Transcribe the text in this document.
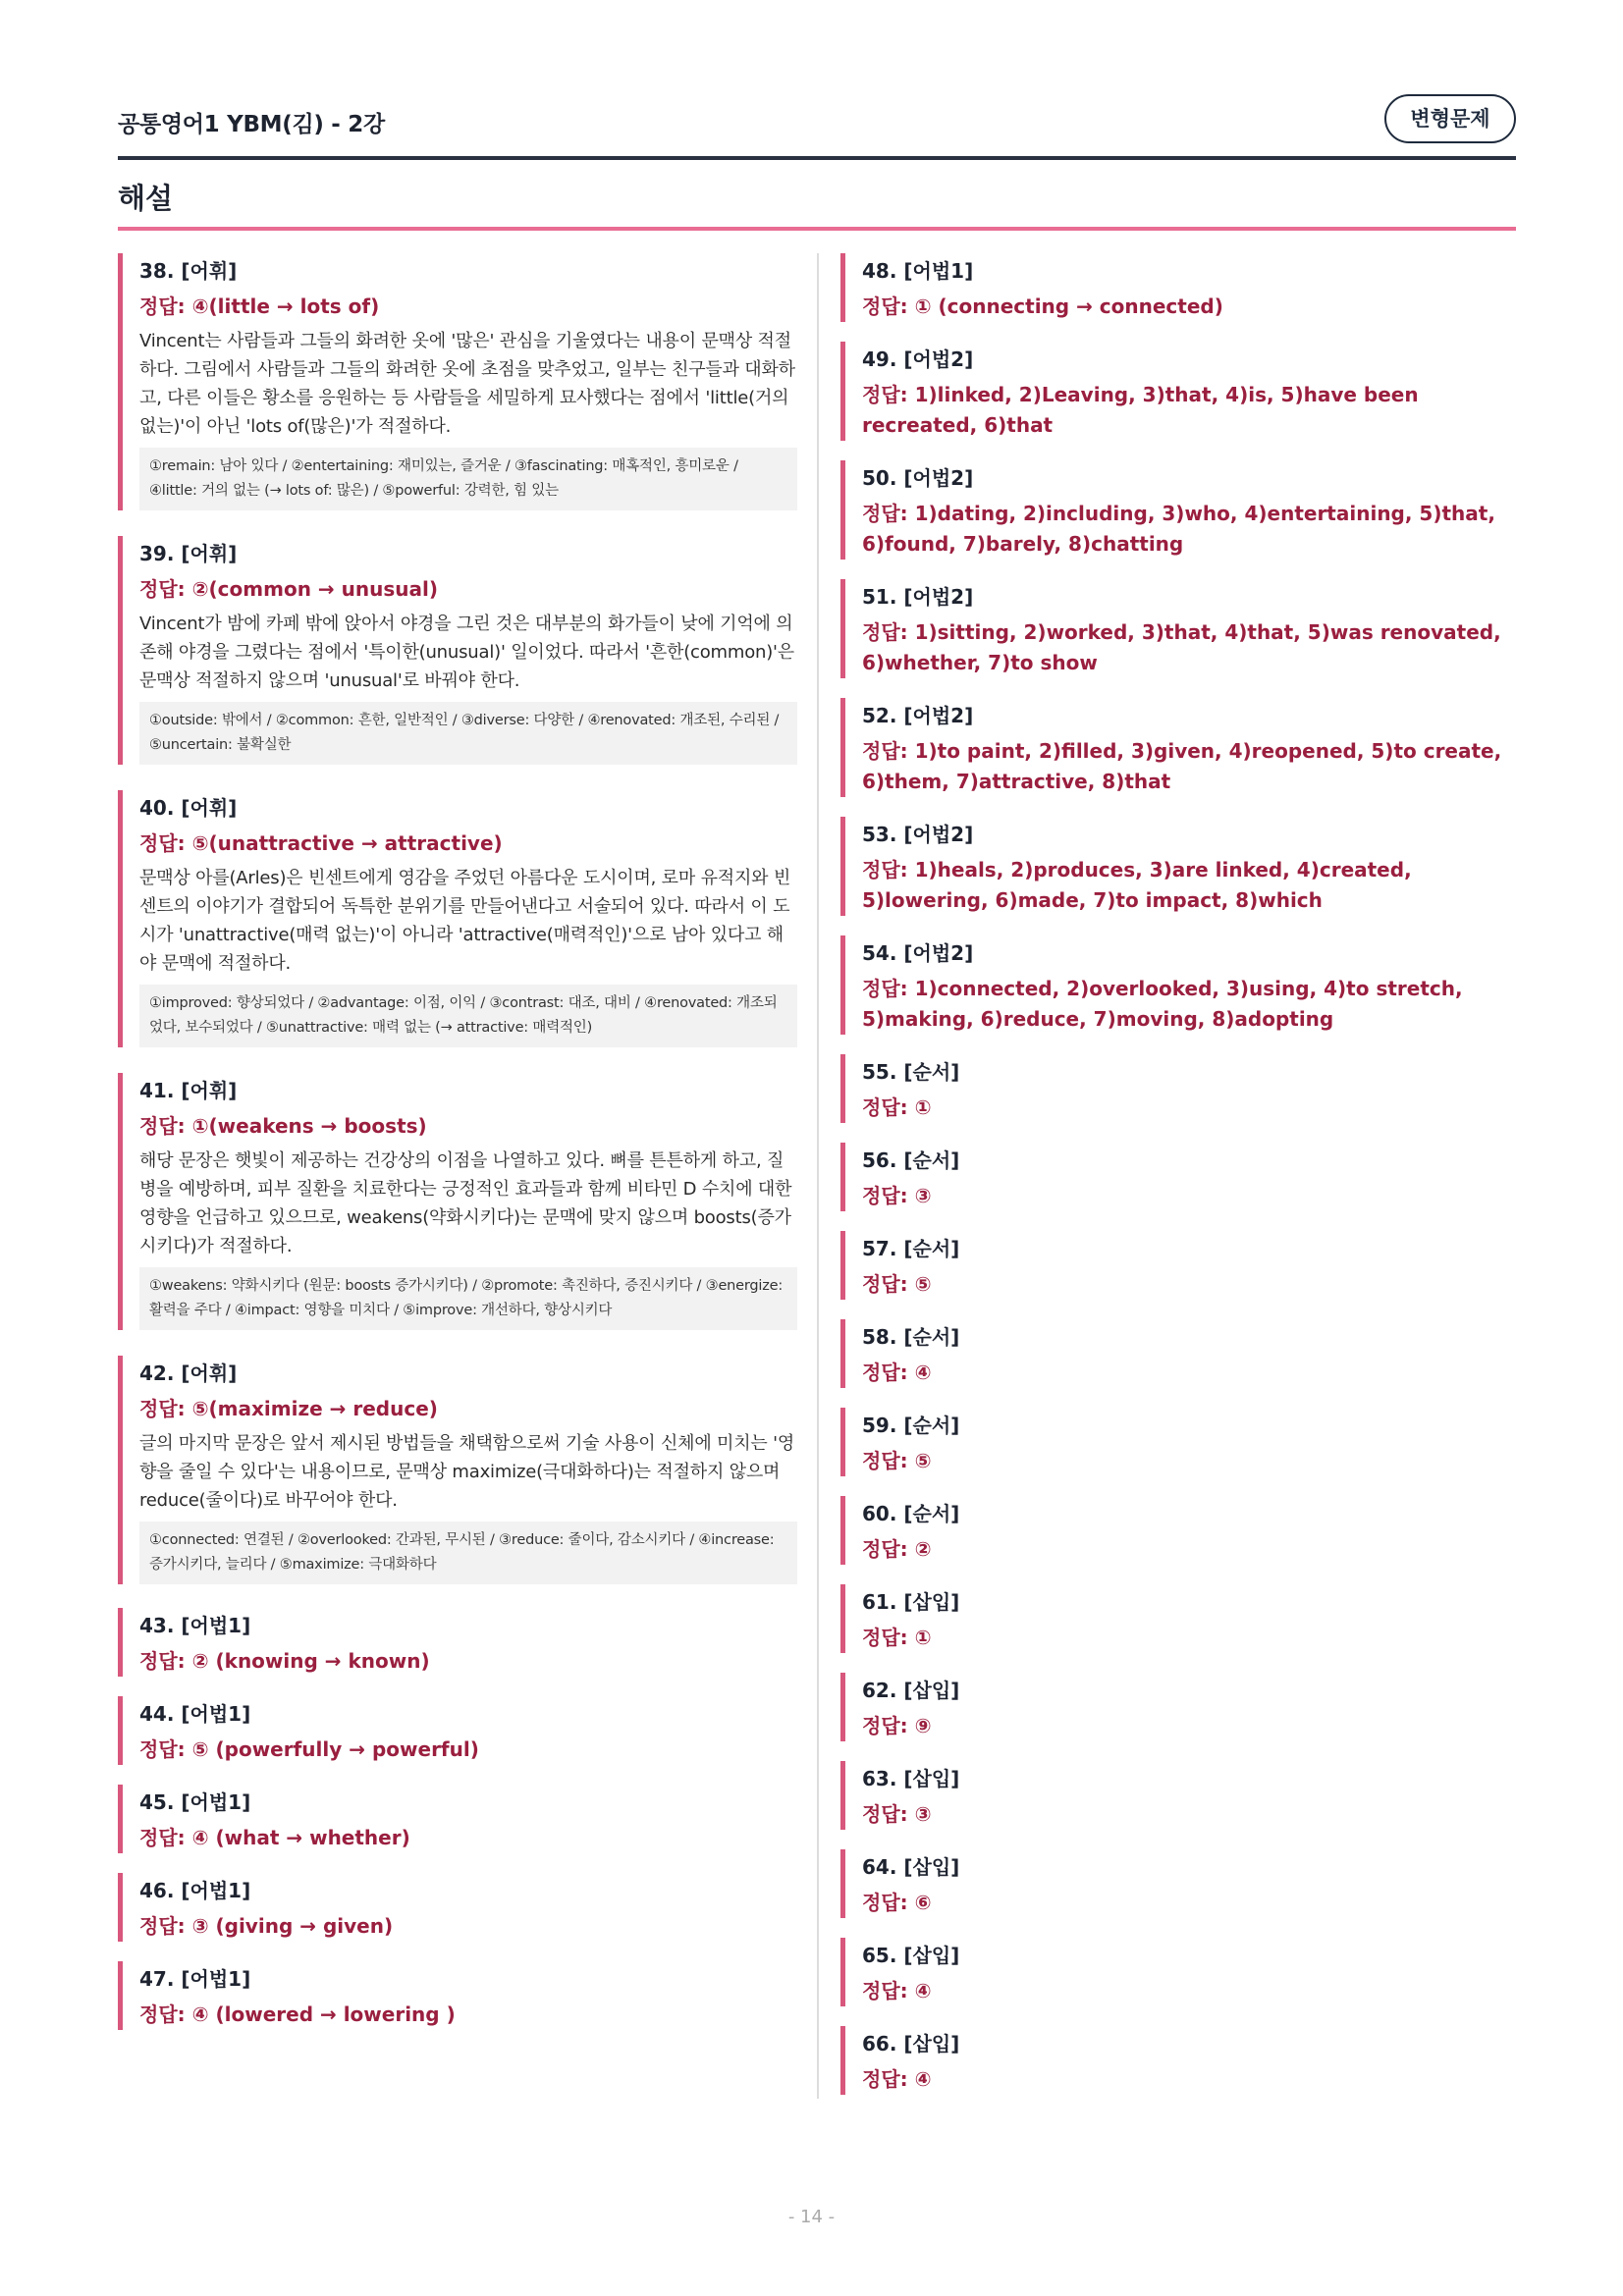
공통영어1 YBM(김) - 2강	변형문제
해설
38. [어휘]
정답: ④(little → lots of)
Vincent는 사람들과 그들의 화려한 옷에 '많은' 관심을 기울였다는 내용이 문맥상 적절하다. 그림에서 사람들과 그들의 화려한 옷에 초점을 맞추었고, 일부는 친구들과 대화하고, 다른 이들은 황소를 응원하는 등 사람들을 세밀하게 묘사했다는 점에서 'little(거의 없는)'이 아닌 'lots of(많은)'가 적절하다.
①remain: 남아 있다 / ②entertaining: 재미있는, 즐거운 / ③fascinating: 매혹적인, 흥미로운 / ④little: 거의 없는 (→ lots of: 많은) / ⑤powerful: 강력한, 힘 있는
39. [어휘]
정답: ②(common → unusual)
Vincent가 밤에 카페 밖에 앉아서 야경을 그린 것은 대부분의 화가들이 낮에 기억에 의존해 야경을 그렸다는 점에서 '특이한(unusual)' 일이었다. 따라서 '흔한(common)'은 문맥상 적절하지 않으며 'unusual'로 바꿔야 한다.
①outside: 밖에서 / ②common: 흔한, 일반적인 / ③diverse: 다양한 / ④renovated: 개조된, 수리된 / ⑤uncertain: 불확실한
40. [어휘]
정답: ⑤(unattractive → attractive)
문맥상 아를(Arles)은 빈센트에게 영감을 주었던 아름다운 도시이며, 로마 유적지와 빈센트의 이야기가 결합되어 독특한 분위기를 만들어낸다고 서술되어 있다. 따라서 이 도시가 'unattractive(매력 없는)'이 아니라 'attractive(매력적인)'으로 남아 있다고 해야 문맥에 적절하다.
①improved: 향상되었다 / ②advantage: 이점, 이익 / ③contrast: 대조, 대비 / ④renovated: 개조되었다, 보수되었다 / ⑤unattractive: 매력 없는 (→ attractive: 매력적인)
41. [어휘]
정답: ①(weakens → boosts)
해당 문장은 햇빛이 제공하는 건강상의 이점을 나열하고 있다. 뼈를 튼튼하게 하고, 질병을 예방하며, 피부 질환을 치료한다는 긍정적인 효과들과 함께 비타민 D 수치에 대한 영향을 언급하고 있으므로, weakens(약화시키다)는 문맥에 맞지 않으며 boosts(증가시키다)가 적절하다.
①weakens: 약화시키다 (원문: boosts 증가시키다) / ②promote: 촉진하다, 증진시키다 / ③energize: 활력을 주다 / ④impact: 영향을 미치다 / ⑤improve: 개선하다, 향상시키다
42. [어휘]
정답: ⑤(maximize → reduce)
글의 마지막 문장은 앞서 제시된 방법들을 채택함으로써 기술 사용이 신체에 미치는 '영향을 줄일 수 있다'는 내용이므로, 문맥상 maximize(극대화하다)는 적절하지 않으며 reduce(줄이다)로 바꾸어야 한다.
①connected: 연결된 / ②overlooked: 간과된, 무시된 / ③reduce: 줄이다, 감소시키다 / ④increase: 증가시키다, 늘리다 / ⑤maximize: 극대화하다
43. [어법1]
정답: ② (knowing → known)
44. [어법1]
정답: ⑤ (powerfully → powerful)
45. [어법1]
정답: ④ (what → whether)
46. [어법1]
정답: ③ (giving → given)
47. [어법1]
정답: ④ (lowered → lowering )
48. [어법1]
정답: ① (connecting → connected)
49. [어법2]
정답: 1)linked, 2)Leaving, 3)that, 4)is, 5)have been recreated, 6)that
50. [어법2]
정답: 1)dating, 2)including, 3)who, 4)entertaining, 5)that, 6)found, 7)barely, 8)chatting
51. [어법2]
정답: 1)sitting, 2)worked, 3)that, 4)that, 5)was renovated, 6)whether, 7)to show
52. [어법2]
정답: 1)to paint, 2)filled, 3)given, 4)reopened, 5)to create, 6)them, 7)attractive, 8)that
53. [어법2]
정답: 1)heals, 2)produces, 3)are linked, 4)created, 5)lowering, 6)made, 7)to impact, 8)which
54. [어법2]
정답: 1)connected, 2)overlooked, 3)using, 4)to stretch, 5)making, 6)reduce, 7)moving, 8)adopting
55. [순서]
정답: ①
56. [순서]
정답: ③
57. [순서]
정답: ⑤
58. [순서]
정답: ④
59. [순서]
정답: ⑤
60. [순서]
정답: ②
61. [삽입]
정답: ①
62. [삽입]
정답: ⑨
63. [삽입]
정답: ③
64. [삽입]
정답: ⑥
65. [삽입]
정답: ④
66. [삽입]
정답: ④
- 14 -
